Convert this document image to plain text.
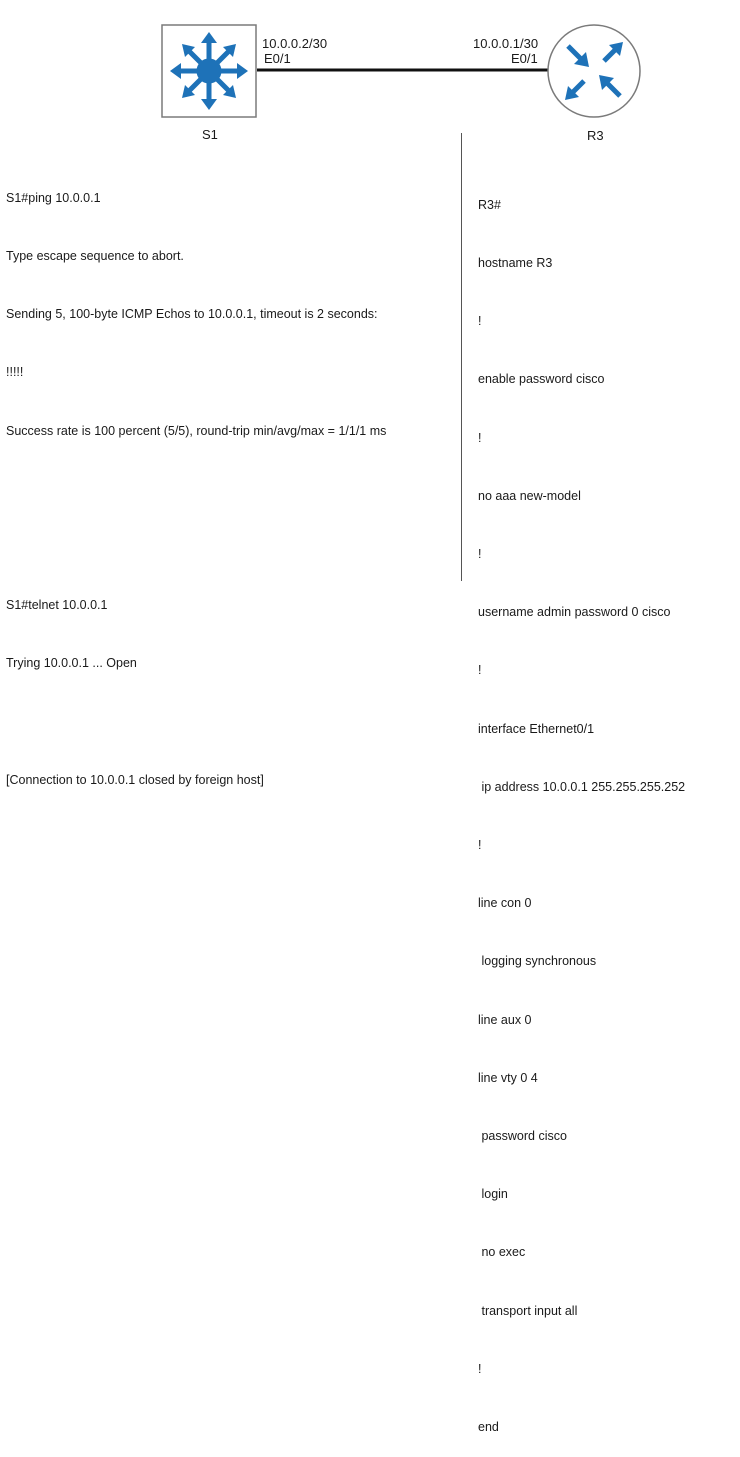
10.0.0.2/30
E0/1
10.0.0.1/30
E0/1
S1	R3

S1#ping 10.0.0.1

Type escape sequence to abort.

Sending 5, 100-byte ICMP Echos to 10.0.0.1, timeout is 2 seconds:

!!!!!

Success rate is 100 percent (5/5), round-trip min/avg/max = 1/1/1 ms

S1#telnet 10.0.0.1

Trying 10.0.0.1 ... Open

[Connection to 10.0.0.1 closed by foreign host]

R3#

hostname R3

!

enable password cisco

!

no aaa new-model

!

username admin password 0 cisco

!

interface Ethernet0/1

ip address 10.0.0.1 255.255.255.252

!

line con 0

logging synchronous

line aux 0

line vty 0 4

password cisco

login

no exec

transport input all

!

end
